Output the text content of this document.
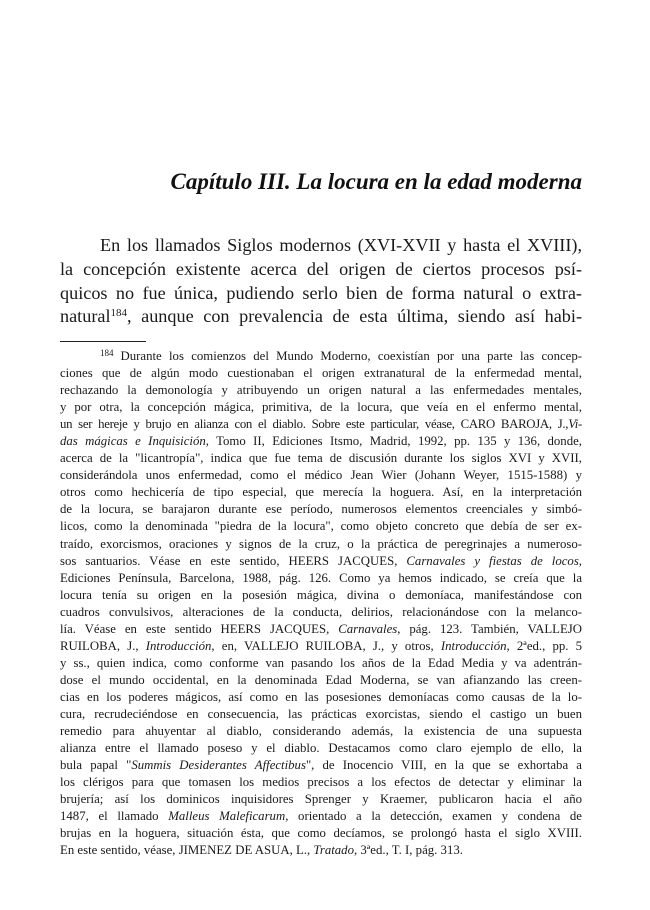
Capítulo III. La locura en la edad moderna

En los llamados Siglos modernos (XVI-XVII y hasta el XVIII),
la concepción existente acerca del origen de ciertos procesos psí-
quicos no fue única, pudiendo serlo bien de forma natural o extra-
natural$^{184}$, aunque con prevalencia de esta última, siendo así habi-

184 Durante los comienzos del Mundo Moderno, coexistían por una parte las concep-
ciones que de algún modo cuestionaban el origen extranatural de la enfermedad mental,
rechazando la demonología y atribuyendo un origen natural a las enfermedades mentales,
y por otra, la concepción mágica, primitiva, de la locura, que veía en el enfermo mental,
un ser hereje y brujo en alianza con el diablo. Sobre este particular, véase, CARO BAROJA, J.,Vi-
das mágicas e Inquisición, Tomo II, Ediciones Itsmo, Madrid, 1992, pp. 135 y 136, donde,
acerca de la "licantropía", indica que fue tema de discusión durante los siglos XVI y XVII,
considerándola unos enfermedad, como el médico Jean Wier (Johann Weyer, 1515-1588) y
otros como hechicería de tipo especial, que merecía la hoguera. Así, en la interpretación
de la locura, se barajaron durante ese período, numerosos elementos creenciales y simbó-
licos, como la denominada "piedra de la locura", como objeto concreto que debía de ser ex-
traído, exorcismos, oraciones y signos de la cruz, o la práctica de peregrinajes a numeroso-
sos santuarios. Véase en este sentido, HEERS JACQUES, Carnavales y fiestas de locos,
Ediciones Península, Barcelona, 1988, pág. 126. Como ya hemos indicado, se creía que la
locura tenía su origen en la posesión mágica, divina o demoníaca, manifestándose con
cuadros convulsivos, alteraciones de la conducta, delirios, relacionándose con la melanco-
lía. Véase en este sentido HEERS JACQUES, Carnavales, pág. 123. También, VALLEJO
RUILOBA, J., Introducción, en, VALLEJO RUILOBA, J., y otros, Introducción, 2ªed., pp. 5
y ss., quien indica, como conforme van pasando los años de la Edad Media y va adentrán-
dose el mundo occidental, en la denominada Edad Moderna, se van afianzando las creen-
cias en los poderes mágicos, así como en las posesiones demoníacas como causas de la lo-
cura, recrudeciéndose en consecuencia, las prácticas exorcistas, siendo el castigo un buen
remedio para ahuyentar al diablo, considerando además, la existencia de una supuesta
alianza entre el llamado poseso y el diablo. Destacamos como claro ejemplo de ello, la
bula papal "Summis Desiderantes Affectibus", de Inocencio VIII, en la que se exhortaba a
los clérigos para que tomasen los medios precisos a los efectos de detectar y eliminar la
brujería; así los dominicos inquisidores Sprenger y Kraemer, publicaron hacia el año
1487, el llamado Malleus Maleficarum, orientado a la detección, examen y condena de
brujas en la hoguera, situación ésta, que como decíamos, se prolongó hasta el siglo XVIII.
En este sentido, véase, JIMENEZ DE ASUA, L., Tratado, 3ªed., T. I, pág. 313.
